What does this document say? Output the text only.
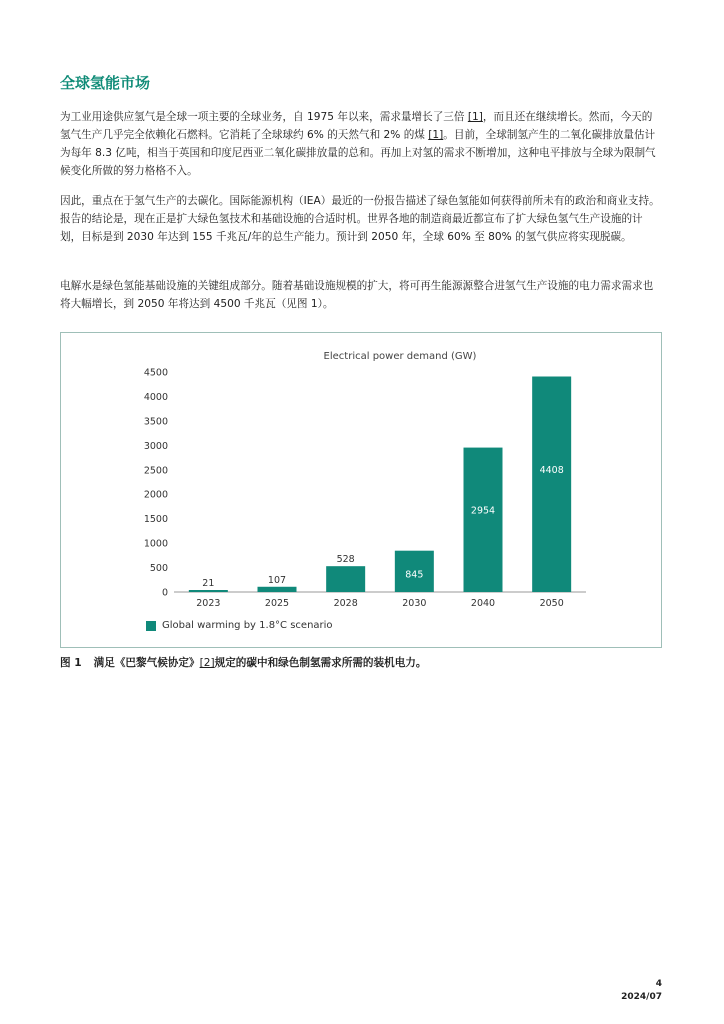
全球氢能市场

为工业用途供应氢气是全球一项主要的全球业务，自 1975 年以来，需求量增长了三倍 [1]，而且还在继续增长。然而，今天的氢气生产几乎完全依赖化石燃料。它消耗了全球球约 6% 的天然气和 2% 的煤 [1]。目前，全球制氢产生的二氧化碳排放量估计为每年 8.3 亿吨，相当于英国和印度尼西亚二氧化碳排放量的总和。再加上对氢的需求不断增加，这种电平排放与全球为限制气候变化所做的努力格格不入。

因此，重点在于氢气生产的去碳化。国际能源机构（IEA）最近的一份报告描述了绿色氢能如何获得前所未有的政治和商业支持。报告的结论是，现在正是扩大绿色氢技术和基础设施的合适时机。世界各地的制造商最近都宣布了扩大绿色氢气生产设施的计划，目标是到 2030 年达到 155 千兆瓦/年的总生产能力。预计到 2050 年，全球 60% 至 80% 的氢气供应将实现脱碳。

电解水是绿色氢能基础设施的关键组成部分。随着基础设施规模的扩大，将可再生能源源整合进氢气生产设施的电力需求需求也将大幅增长，到 2050 年将达到 4500 千兆瓦（见图 1）。

Electrical power demand (GW)
0
500
1000
1500
2000
2500
3000
3500
4000
4500
21
2023
107
2025
528
2028
845
2030
2954
2040
4408
2050
Global warming by 1.8°C scenario
图 1 满足《巴黎气候协定》[2]规定的碳中和绿色制氢需求所需的装机电力。
4
2024/07
